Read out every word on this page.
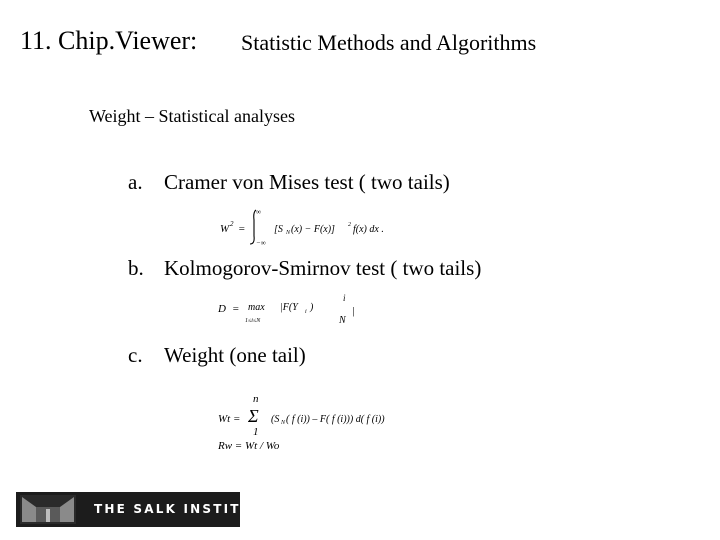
11. Chip.Viewer: Statistic Methods and Algorithms
Weight – Statistical analyses
a. Cramer von Mises test ( two tails)
W 2 =
∞
−∞
[S N (x) − F(x)] 2 f(x) dx .
b. Kolmogorov-Smirnov test ( two tails)
D = max
1≤i≤N
|F(Y i )
i
N
|
c. Weight (one tail)
n
Wt = Σ
1
(S N ( f (i)) – F( f (i))) d( f (i))
Rw = Wt / Wo
THE SALK INSTITUTE
